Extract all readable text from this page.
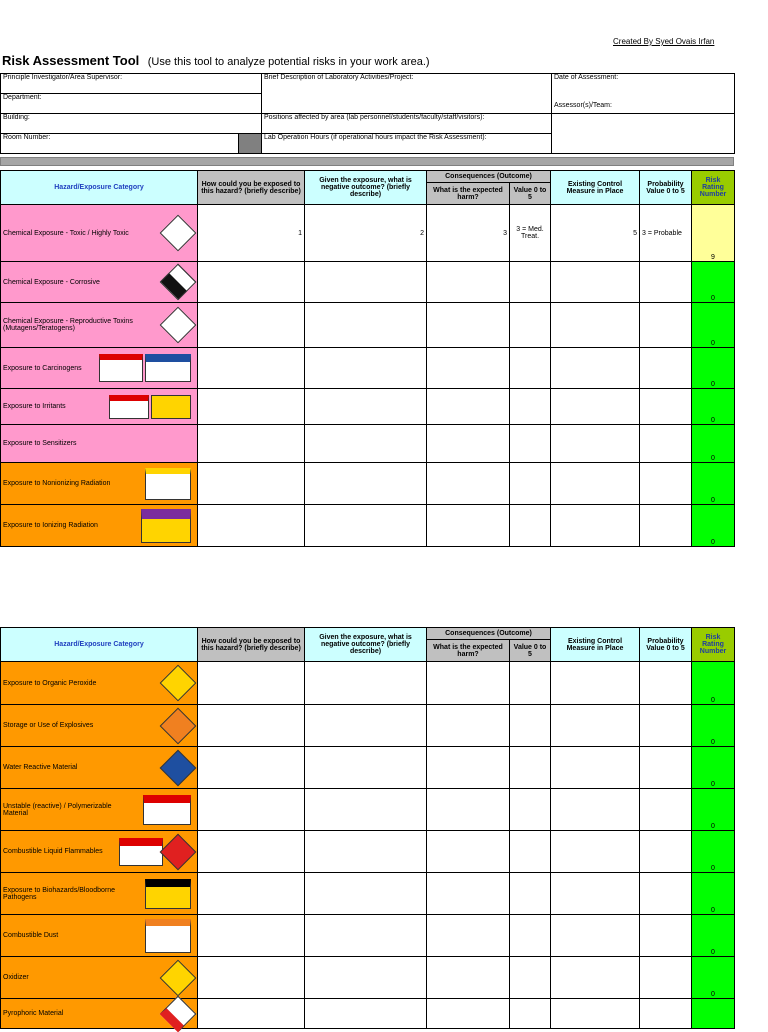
Created By Syed Ovais Irfan
Risk Assessment Tool (Use this tool to analyze potential risks in your work area.)
Principle Investigator/Area Supervisor:	Brief Description of Laboratory Activities/Project:	Date of Assessment:
Department:		
Building:	Positions affected by area (lab personnel/students/faculty/staff/visitors):	Assessor(s)/Team:
Room Number:	Lab Operation Hours (if operational hours impact the Risk Assessment):	
Hazard/Exposure Category	How could you be exposed to this hazard? (briefly describe)	Given the exposure, what is negative outcome? (briefly describe)	Consequences (Outcome)		Existing Control Measure in Place	Probability Value 0 to 5	Risk Rating Number
			What is the expected harm?	Value 0 to 5			
Chemical Exposure - Toxic / Highly Toxic	1	2	3	3 = Med. Treat.	5	3 = Probable	9
Chemical Exposure - Corrosive							0
Chemical Exposure - Reproductive Toxins (Mutagens/Teratogens)							0
Exposure to Carcinogens							0
Exposure to Irritants							0
Exposure to Sensitizers							0
Exposure to Nonionizing Radiation							0
Exposure to Ionizing Radiation							0
Hazard/Exposure Category	How could you be exposed to this hazard? (briefly describe)	Given the exposure, what is negative outcome? (briefly describe)	Consequences (Outcome)		Existing Control Measure in Place	Probability Value 0 to 5	Risk Rating Number
			What is the expected harm?	Value 0 to 5			
Exposure to Organic Peroxide							0
Storage or Use of Explosives							0
Water Reactive Material							0
Unstable (reactive) / Polymerizable Material							0
Combustible Liquid Flammables							0
Exposure to Biohazards/Bloodborne Pathogens							0
Combustible Dust							0
Oxidizer							0
Pyrophoric Material
